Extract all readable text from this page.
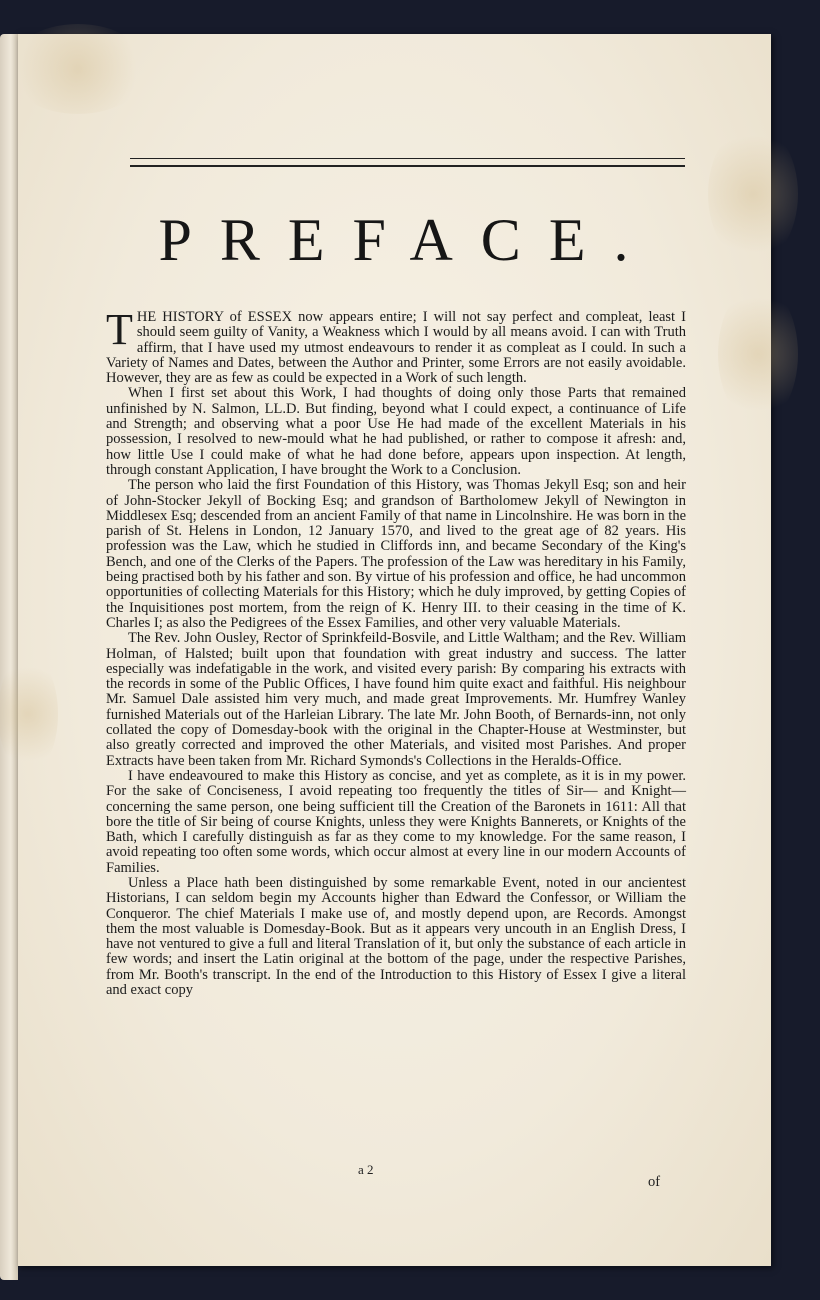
PREFACE.

THE HISTORY of ESSEX now appears entire; I will not say perfect and compleat, least I should seem guilty of Vanity, a Weakness which I would by all means avoid. I can with Truth affirm, that I have used my utmost endeavours to render it as compleat as I could. In such a Variety of Names and Dates, between the Author and Printer, some Errors are not easily avoidable. However, they are as few as could be expected in a Work of such length.

When I first set about this Work, I had thoughts of doing only those Parts that remained unfinished by N. Salmon, LL.D. But finding, beyond what I could expect, a continuance of Life and Strength; and observing what a poor Use He had made of the excellent Materials in his possession, I resolved to new-mould what he had published, or rather to compose it afresh: and, how little Use I could make of what he had done before, appears upon inspection. At length, through constant Application, I have brought the Work to a Conclusion.

The person who laid the first Foundation of this History, was Thomas Jekyll Esq; son and heir of John-Stocker Jekyll of Bocking Esq; and grandson of Bartholomew Jekyll of Newington in Middlesex Esq; descended from an ancient Family of that name in Lincolnshire. He was born in the parish of St. Helens in London, 12 January 1570, and lived to the great age of 82 years. His profession was the Law, which he studied in Cliffords inn, and became Secondary of the King's Bench, and one of the Clerks of the Papers. The profession of the Law was hereditary in his Family, being practised both by his father and son. By virtue of his profession and office, he had uncommon opportunities of collecting Materials for this History; which he duly improved, by getting Copies of the Inquisitiones post mortem, from the reign of K. Henry III. to their ceasing in the time of K. Charles I; as also the Pedigrees of the Essex Families, and other very valuable Materials.

The Rev. John Ousley, Rector of Sprinkfeild-Bosvile, and Little Waltham; and the Rev. William Holman, of Halsted; built upon that foundation with great industry and success. The latter especially was indefatigable in the work, and visited every parish: By comparing his extracts with the records in some of the Public Offices, I have found him quite exact and faithful. His neighbour Mr. Samuel Dale assisted him very much, and made great Improvements. Mr. Humfrey Wanley furnished Materials out of the Harleian Library. The late Mr. John Booth, of Bernards-inn, not only collated the copy of Domesday-book with the original in the Chapter-House at Westminster, but also greatly corrected and improved the other Materials, and visited most Parishes. And proper Extracts have been taken from Mr. Richard Symonds's Collections in the Heralds-Office.

I have endeavoured to make this History as concise, and yet as complete, as it is in my power. For the sake of Conciseness, I avoid repeating too frequently the titles of Sir— and Knight—concerning the same person, one being sufficient till the Creation of the Baronets in 1611: All that bore the title of Sir being of course Knights, unless they were Knights Bannerets, or Knights of the Bath, which I carefully distinguish as far as they come to my knowledge. For the same reason, I avoid repeating too often some words, which occur almost at every line in our modern Accounts of Families.

Unless a Place hath been distinguished by some remarkable Event, noted in our ancientest Historians, I can seldom begin my Accounts higher than Edward the Confessor, or William the Conqueror. The chief Materials I make use of, and mostly depend upon, are Records. Amongst them the most valuable is Domesday-Book. But as it appears very uncouth in an English Dress, I have not ventured to give a full and literal Translation of it, but only the substance of each article in few words; and insert the Latin original at the bottom of the page, under the respective Parishes, from Mr. Booth's transcript. In the end of the Introduction to this History of Essex I give a literal and exact copy

a 2
of
